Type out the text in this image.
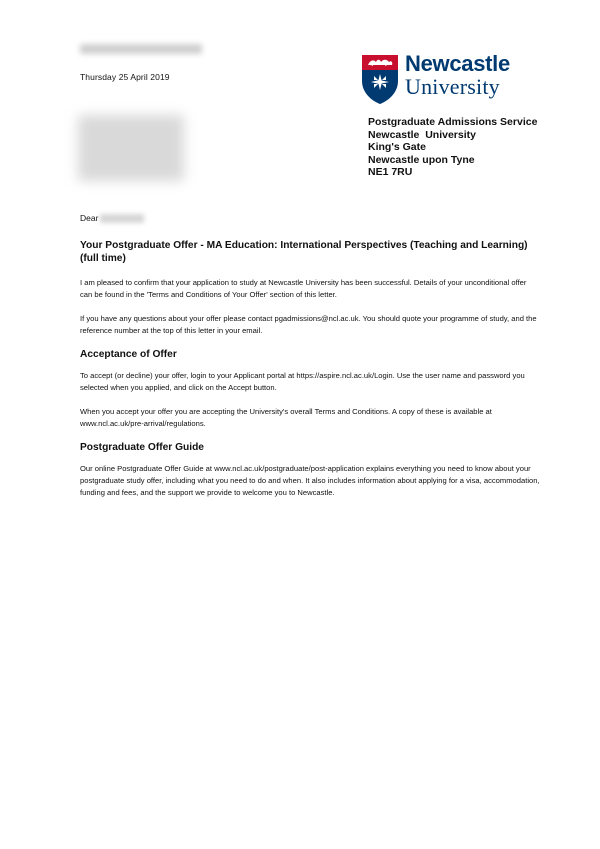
Thursday 25 April 2019
Newcastle
University
Postgraduate Admissions Service
Newcastle  University
King's Gate
Newcastle upon Tyne
NE1 7RU
Dear
Your Postgraduate Offer - MA Education: International Perspectives (Teaching and Learning) (full time)

I am pleased to confirm that your application to study at Newcastle University has been successful. Details of your unconditional offer can be found in the 'Terms and Conditions of Your Offer' section of this letter.

If you have any questions about your offer please contact pgadmissions@ncl.ac.uk. You should quote your programme of study, and the reference number at the top of this letter in your email.

Acceptance of Offer

To accept (or decline) your offer, login to your Applicant portal at https://aspire.ncl.ac.uk/Login. Use the user name and password you selected when you applied, and click on the Accept button.

When you accept your offer you are accepting the University's overall Terms and Conditions. A copy of these is available at www.ncl.ac.uk/pre-arrival/regulations.

Postgraduate Offer Guide

Our online Postgraduate Offer Guide at www.ncl.ac.uk/postgraduate/post-application explains everything you need to know about your postgraduate study offer, including what you need to do and when. It also includes information about applying for a visa, accommodation, funding and fees, and the support we provide to welcome you to Newcastle.
